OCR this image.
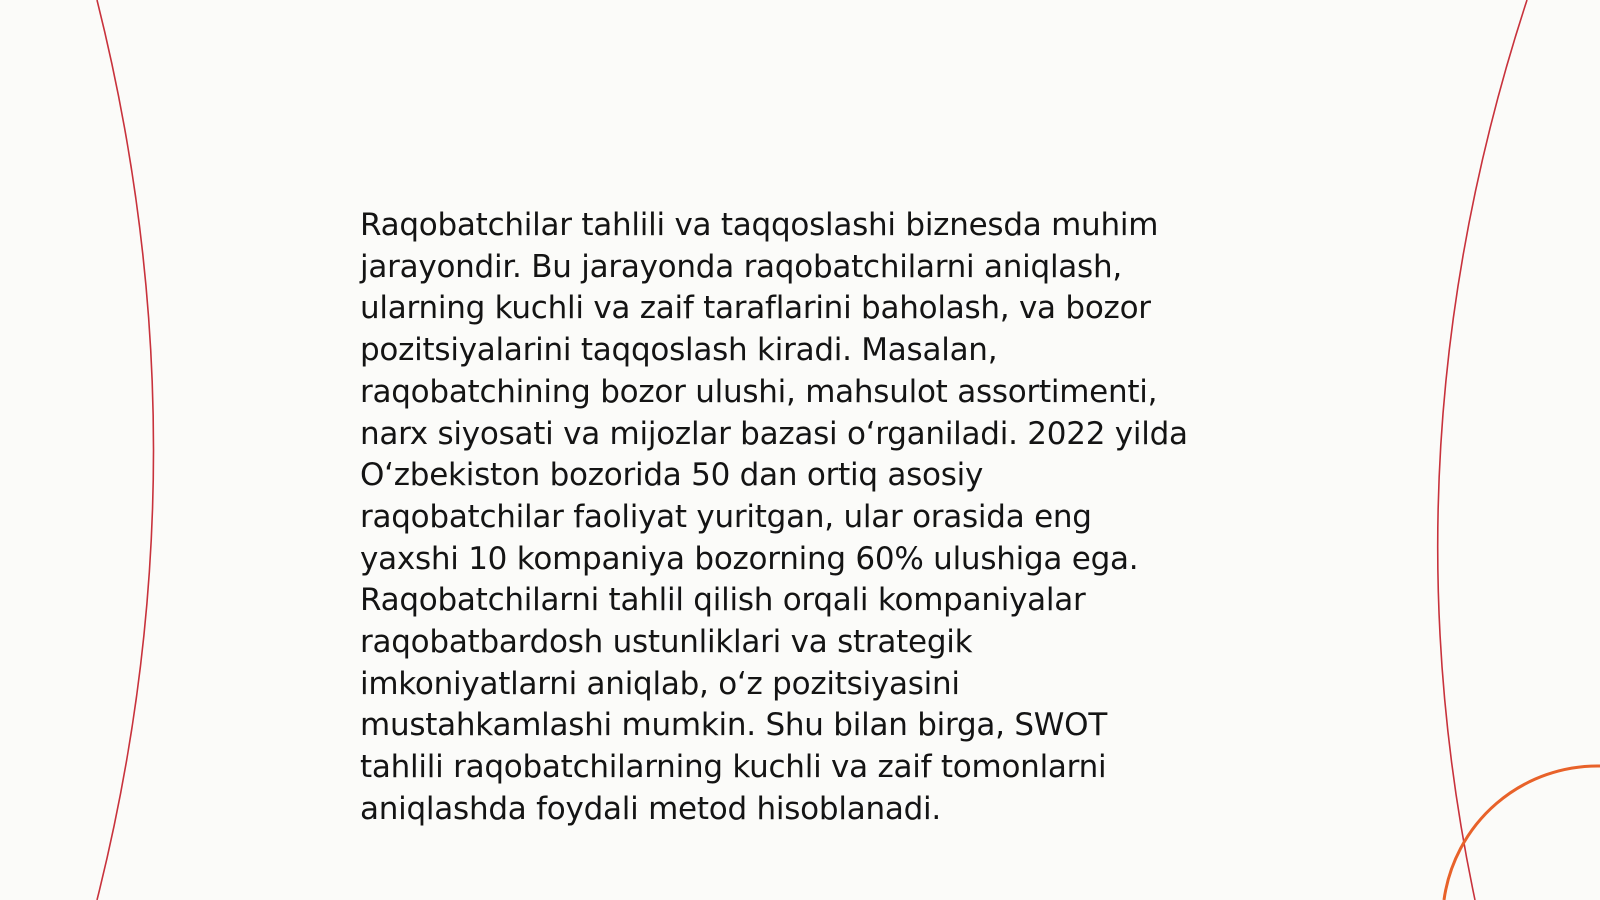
Raqobatchilar tahlili va taqqoslashi biznesda muhim
jarayondir. Bu jarayonda raqobatchilarni aniqlash,
ularning kuchli va zaif taraflarini baholash, va bozor
pozitsiyalarini taqqoslash kiradi. Masalan,
raqobatchining bozor ulushi, mahsulot assortimenti,
narx siyosati va mijozlar bazasi oʻrganiladi. 2022 yilda
Oʻzbekiston bozorida 50 dan ortiq asosiy
raqobatchilar faoliyat yuritgan, ular orasida eng
yaxshi 10 kompaniya bozorning 60% ulushiga ega.
Raqobatchilarni tahlil qilish orqali kompaniyalar
raqobatbardosh ustunliklari va strategik
imkoniyatlarni aniqlab, oʻz pozitsiyasini
mustahkamlashi mumkin. Shu bilan birga, SWOT
tahlili raqobatchilarning kuchli va zaif tomonlarni
aniqlashda foydali metod hisoblanadi.
